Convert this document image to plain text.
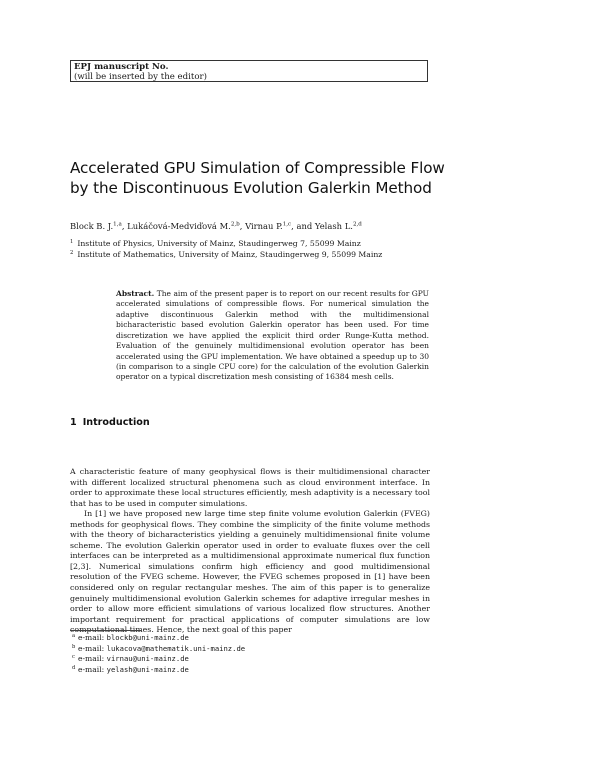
EPJ manuscript No.
(will be inserted by the editor)
Accelerated GPU Simulation of Compressible Flow by the Discontinuous Evolution Galerkin Method
Block B. J.$^{1,a}$, Lukáčová-Medviďová M.$^{2,b}$, Virnau P.$^{1,c}$, and Yelash L.$^{2,d}$
$^1$ Institute of Physics, University of Mainz, Staudingerweg 7, 55099 Mainz
$^2$ Institute of Mathematics, University of Mainz, Staudingerweg 9, 55099 Mainz
Abstract. The aim of the present paper is to report on our recent results for GPU accelerated simulations of compressible flows. For numerical simulation the adaptive discontinuous Galerkin method with the multidimensional bicharacteristic based evolution Galerkin operator has been used. For time discretization we have applied the explicit third order Runge-Kutta method. Evaluation of the genuinely multidimensional evolution operator has been accelerated using the GPU implementation. We have obtained a speedup up to 30 (in comparison to a single CPU core) for the calculation of the evolution Galerkin operator on a typical discretization mesh consisting of 16384 mesh cells.
1 Introduction

A characteristic feature of many geophysical flows is their multidimensional character with different localized structural phenomena such as cloud environment interface. In order to approximate these local structures efficiently, mesh adaptivity is a necessary tool that has to be used in computer simulations.

In [1] we have proposed new large time step finite volume evolution Galerkin (FVEG) methods for geophysical flows. They combine the simplicity of the finite volume methods with the theory of bicharacteristics yielding a genuinely multidimensional finite volume scheme. The evolution Galerkin operator used in order to evaluate fluxes over the cell interfaces can be interpreted as a multidimensional approximate numerical flux function [2,3]. Numerical simulations confirm high efficiency and good multidimensional resolution of the FVEG scheme. However, the FVEG schemes proposed in [1] have been considered only on regular rectangular meshes. The aim of this paper is to generalize genuinely multidimensional evolution Galerkin schemes for adaptive irregular meshes in order to allow more efficient simulations of various localized flow structures. Another important requirement for practical applications of computer simulations are low computational times. Hence, the next goal of this paper

a e-mail: blockb@uni-mainz.de
b e-mail: lukacova@mathematik.uni-mainz.de
c e-mail: virnau@uni-mainz.de
d e-mail: yelash@uni-mainz.de
